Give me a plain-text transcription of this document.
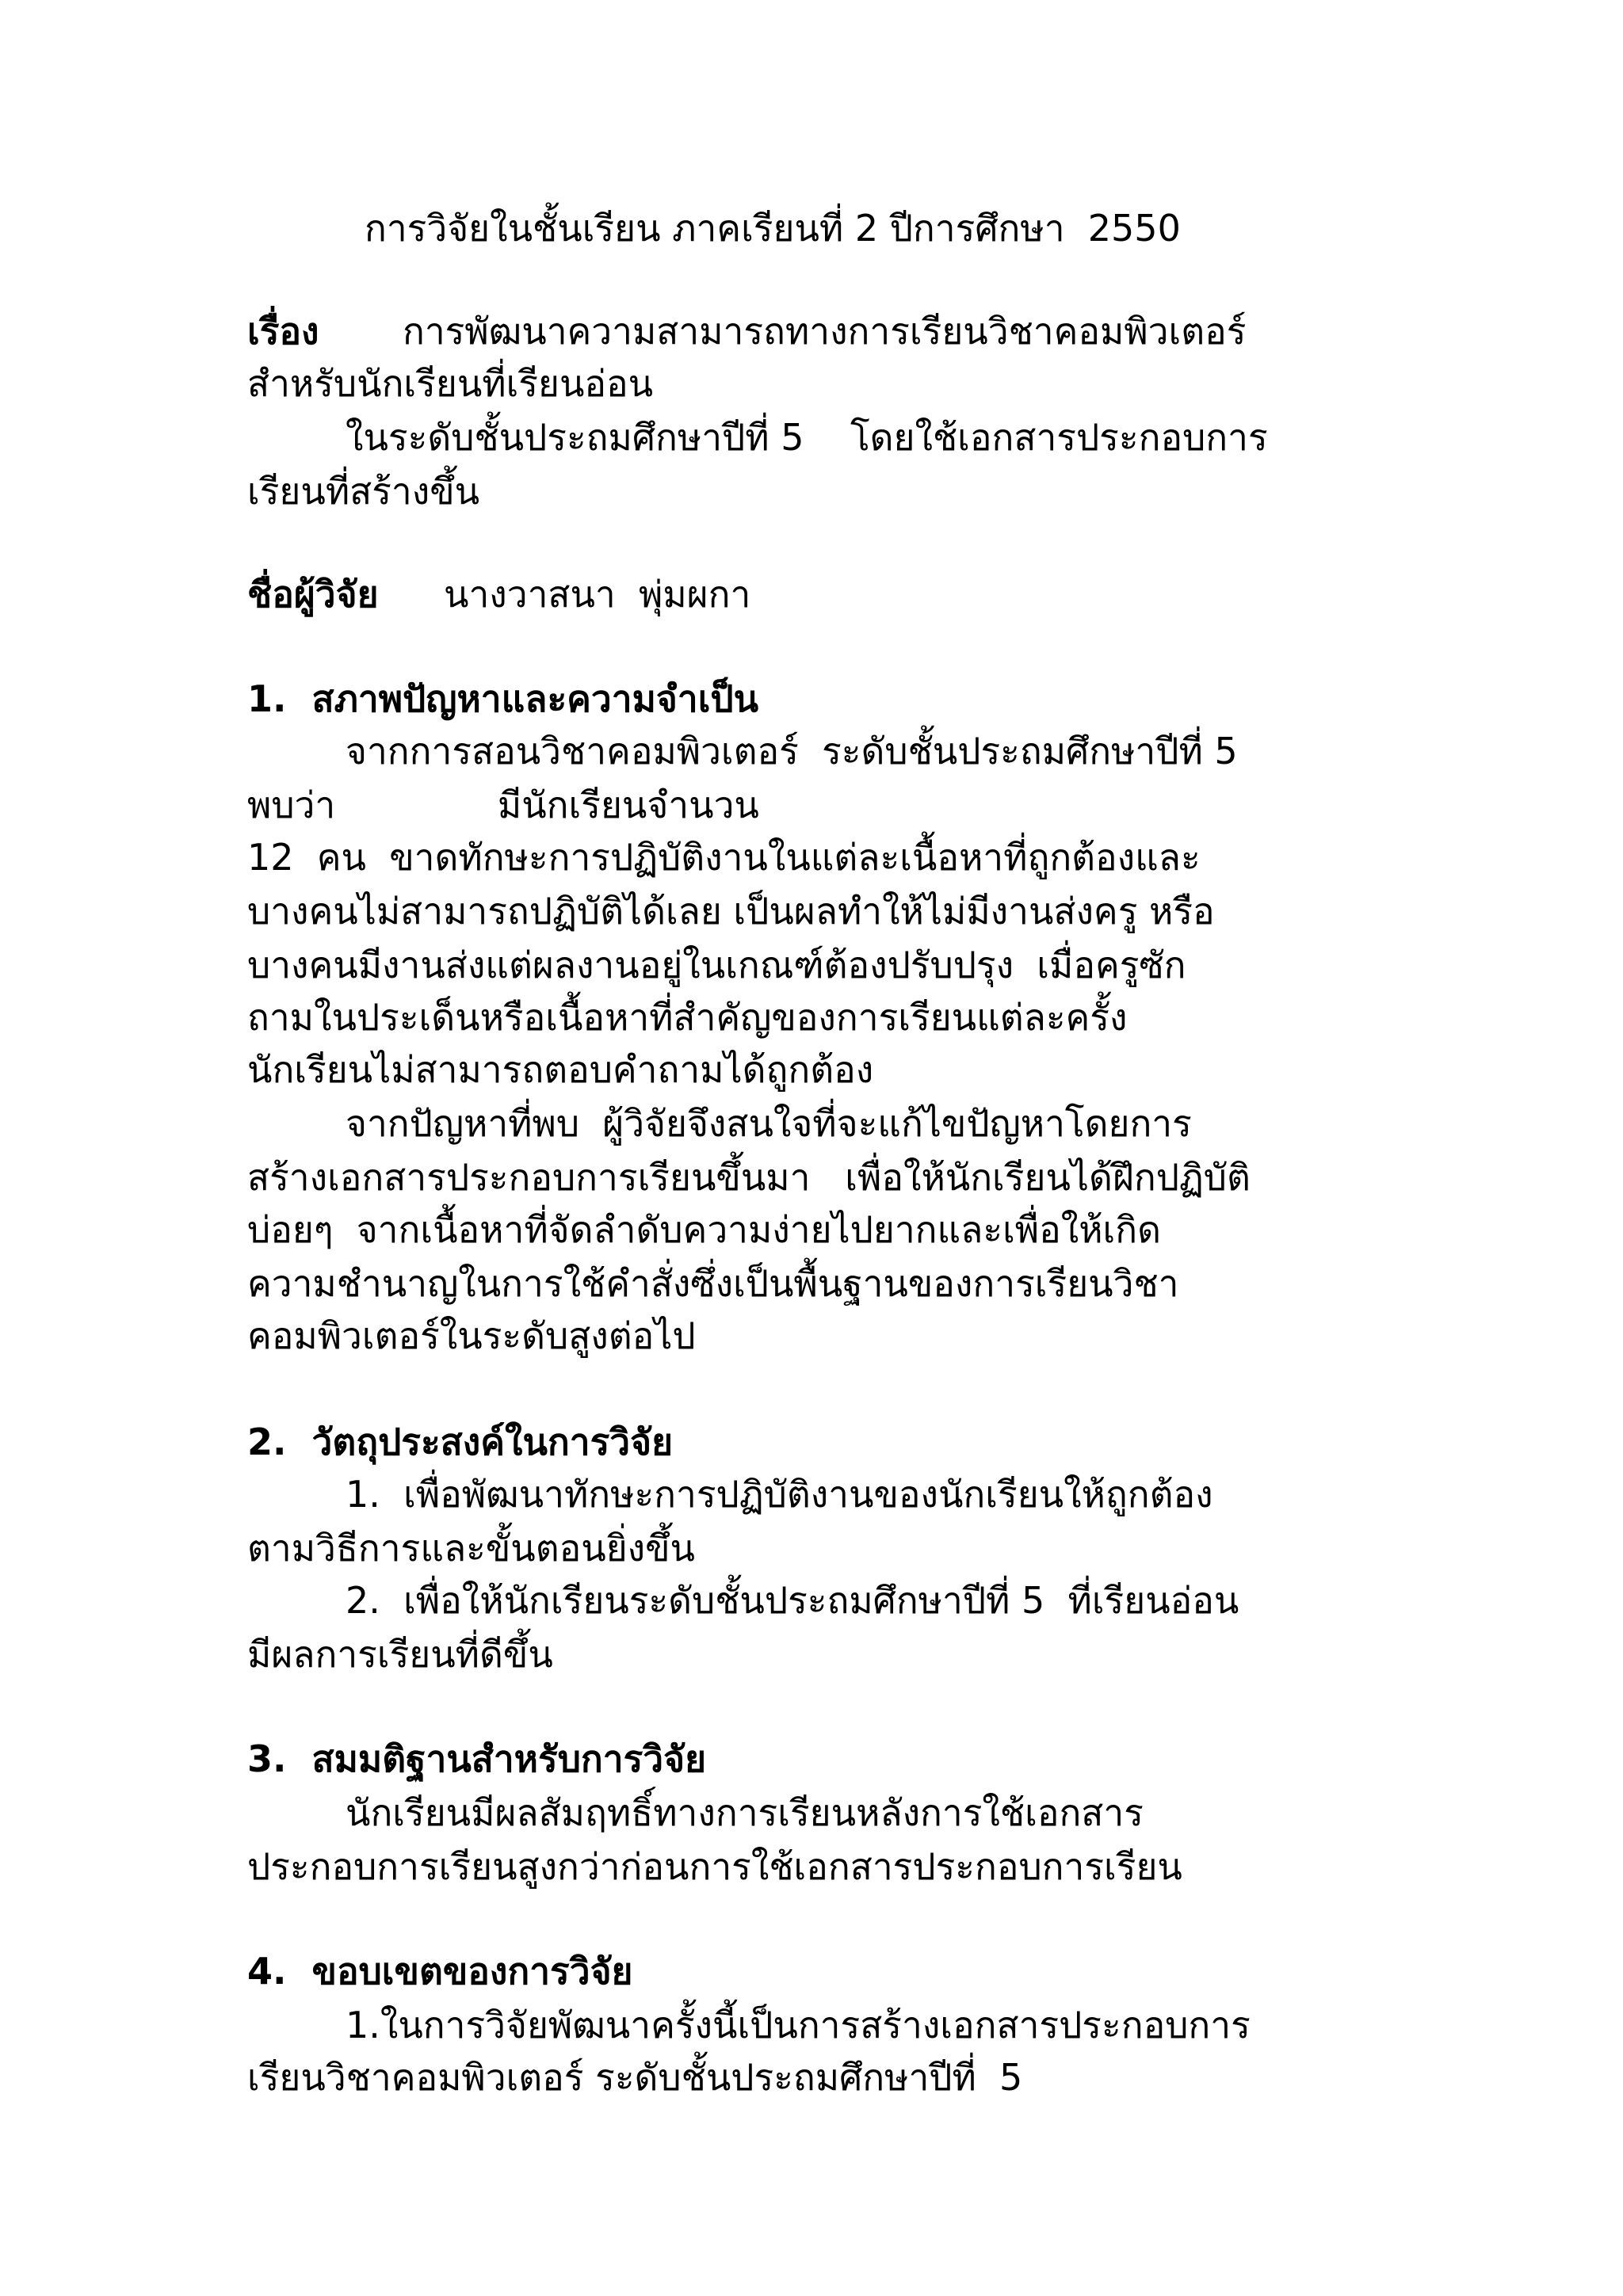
การวิจัยในชั้นเรียน ภาคเรียนที่ 2 ปีการศึกษา  2550
เรื่อง การพัฒนาความสามารถทางการเรียนวิชาคอมพิวเตอร์
สำหรับนักเรียนที่เรียนอ่อน
ในระดับชั้นประถมศึกษาปีที่ 5    โดยใช้เอกสารประกอบการ
เรียนที่สร้างขึ้น
ชื่อผู้วิจัย นางวาสนา  พุ่มผกา
1.  สภาพปัญหาและความจำเป็น
จากการสอนวิชาคอมพิวเตอร์  ระดับชั้นประถมศึกษาปีที่ 5
พบว่า              มีนักเรียนจำนวน
12  คน  ขาดทักษะการปฏิบัติงานในแต่ละเนื้อหาที่ถูกต้องและ
บางคนไม่สามารถปฏิบัติได้เลย เป็นผลทำให้ไม่มีงานส่งครู หรือ
บางคนมีงานส่งแต่ผลงานอยู่ในเกณฑ์ต้องปรับปรุง  เมื่อครูซัก
ถามในประเด็นหรือเนื้อหาที่สำคัญของการเรียนแต่ละครั้ง
นักเรียนไม่สามารถตอบคำถามได้ถูกต้อง
จากปัญหาที่พบ  ผู้วิจัยจึงสนใจที่จะแก้ไขปัญหาโดยการ
สร้างเอกสารประกอบการเรียนขึ้นมา   เพื่อให้นักเรียนได้ฝึกปฏิบัติ
บ่อยๆ  จากเนื้อหาที่จัดลำดับความง่ายไปยากและเพื่อให้เกิด
ความชำนาญในการใช้คำสั่งซึ่งเป็นพื้นฐานของการเรียนวิชา
คอมพิวเตอร์ในระดับสูงต่อไป
2.  วัตถุประสงค์ในการวิจัย
1.  เพื่อพัฒนาทักษะการปฏิบัติงานของนักเรียนให้ถูกต้อง
ตามวิธีการและขั้นตอนยิ่งขึ้น
2.  เพื่อให้นักเรียนระดับชั้นประถมศึกษาปีที่ 5  ที่เรียนอ่อน
มีผลการเรียนที่ดีขึ้น
3.  สมมติฐานสำหรับการวิจัย
นักเรียนมีผลสัมฤทธิ์ทางการเรียนหลังการใช้เอกสาร
ประกอบการเรียนสูงกว่าก่อนการใช้เอกสารประกอบการเรียน
4.  ขอบเขตของการวิจัย
1.ในการวิจัยพัฒนาครั้งนี้เป็นการสร้างเอกสารประกอบการ
เรียนวิชาคอมพิวเตอร์ ระดับชั้นประถมศึกษาปีที่  5
